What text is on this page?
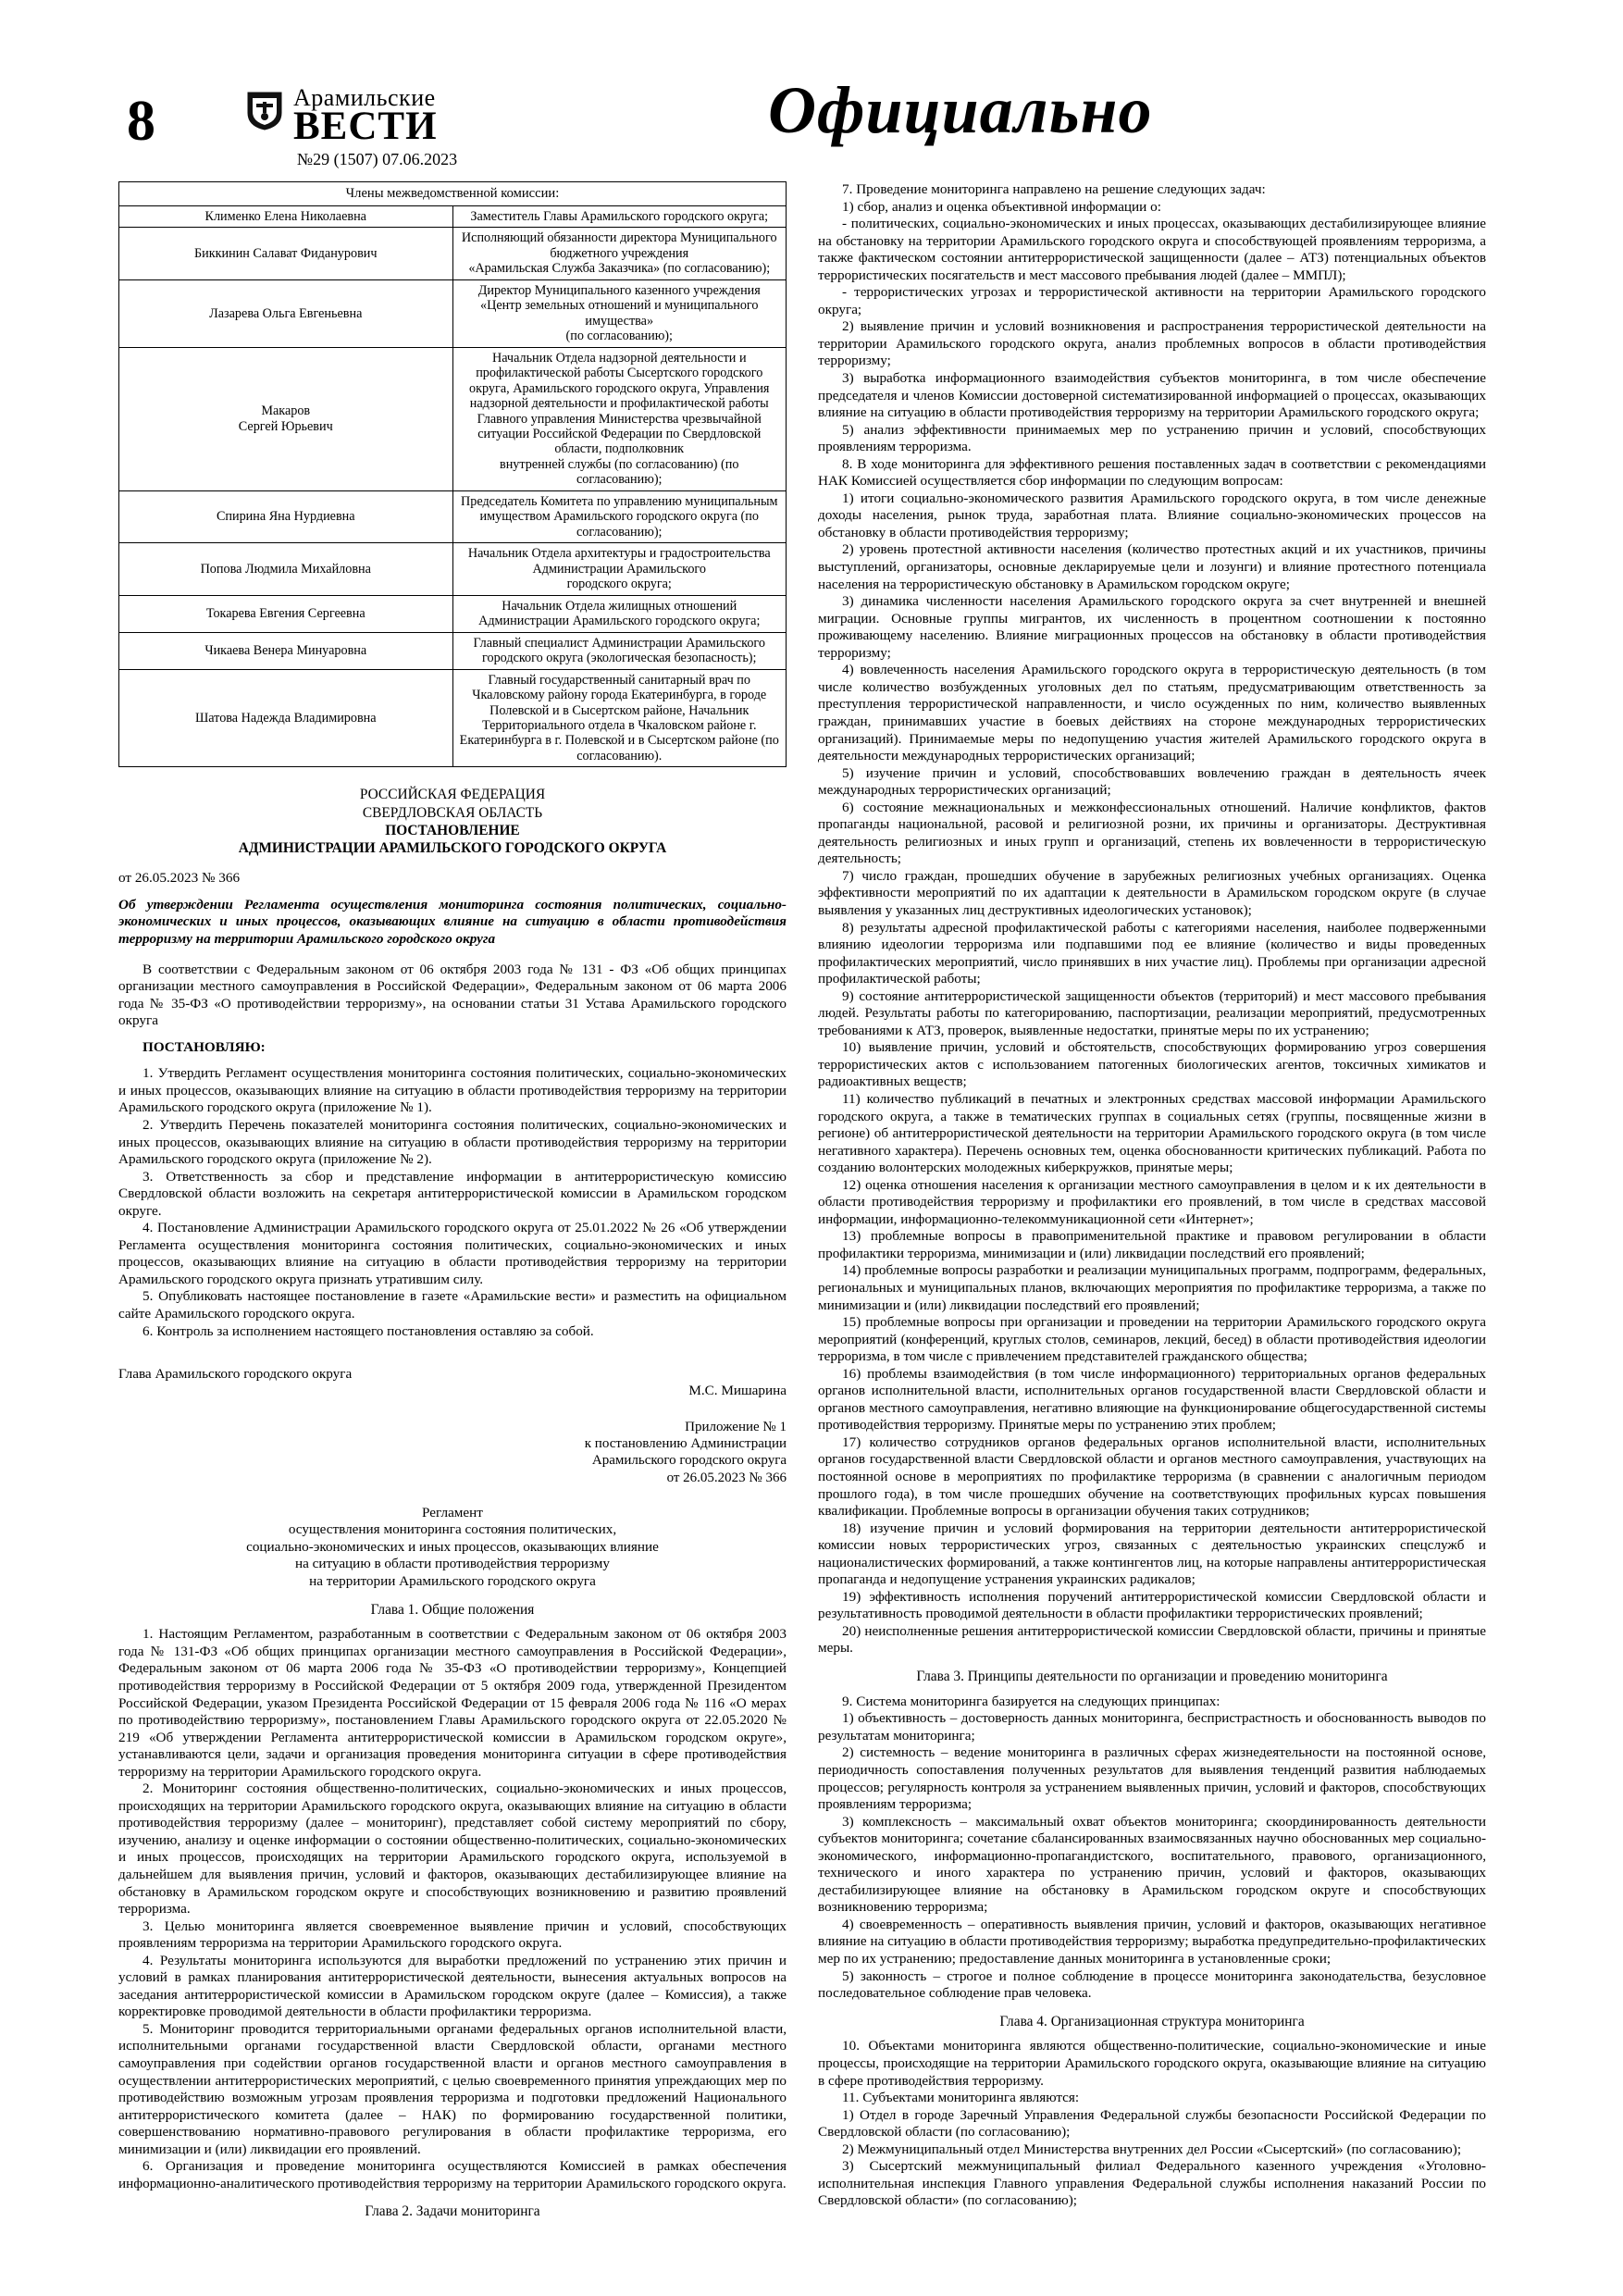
8	Арамильские
ВЕСТИ
№29 (1507) 07.06.2023
Официально
Члены межведомственной комиссии:	
Клименко Елена Николаевна	Заместитель Главы Арамильского городского округа;
Биккинин Салават Фиданурович	Исполняющий обязанности директора Муниципального бюджетного учреждения
«Арамильская Служба Заказчика» (по согласованию);
Лазарева Ольга Евгеньевна	Директор Муниципального казенного учреждения
«Центр земельных отношений и муниципального имущества»
(по согласованию);
Макаров
Сергей Юрьевич	Начальник Отдела надзорной деятельности и профилактической работы Сысертского городского округа, Арамильского городского округа, Управления надзорной деятельности и профилактической работы Главного управления Министерства чрезвычайной ситуации Российской Федерации по Свердловской области, подполковник
внутренней службы (по согласованию) (по согласованию);
Спирина Яна Нурдиевна	Председатель Комитета по управлению муниципальным имуществом Арамильского городского округа (по согласованию);
Попова Людмила Михайловна	Начальник Отдела архитектуры и градостроительства Администрации Арамильского
городского округа;
Токарева Евгения Сергеевна	Начальник Отдела жилищных отношений Администрации Арамильского городского округа;
Чикаева Венера Минуаровна	Главный специалист Администрации Арамильского городского округа (экологическая безопасность);
Шатова Надежда Владимировна	Главный государственный санитарный врач по Чкаловскому району города Екатеринбурга, в городе Полевской и в Сысертском районе, Начальник Территориального отдела в Чкаловском районе г. Екатеринбурга в г. Полевской и в Сысертском районе (по согласованию).

РОССИЙСКАЯ ФЕДЕРАЦИЯ

СВЕРДЛОВСКАЯ ОБЛАСТЬ

ПОСТАНОВЛЕНИЕ

АДМИНИСТРАЦИИ АРАМИЛЬСКОГО ГОРОДСКОГО ОКРУГА

от 26.05.2023 № 366

Об утверждении Регламента осуществления мониторинга состояния политических, социально-экономических и иных процессов, оказывающих влияние на ситуацию в области противодействия терроризму на территории Арамильского городского округа

В соответствии с Федеральным законом от 06 октября 2003 года № 131 - ФЗ «Об общих принципах организации местного самоуправления в Российской Федерации», Федеральным законом от 06 марта 2006 года № 35-ФЗ «О противодействии терроризму», на основании статьи 31 Устава Арамильского городского округа

ПОСТАНОВЛЯЮ:

1. Утвердить Регламент осуществления мониторинга состояния политических, социально-экономических и иных процессов, оказывающих влияние на ситуацию в области противодействия терроризму на территории Арамильского городского округа (приложение № 1).

2. Утвердить Перечень показателей мониторинга состояния политических, социально-экономических и иных процессов, оказывающих влияние на ситуацию в области противодействия терроризму на территории Арамильского городского округа (приложение № 2).

3. Ответственность за сбор и представление информации в антитеррористическую комиссию Свердловской области возложить на секретаря антитеррористической комиссии в Арамильском городском округе.

4. Постановление Администрации Арамильского городского округа от 25.01.2022 № 26 «Об утверждении Регламента осуществления мониторинга состояния политических, социально-экономических и иных процессов, оказывающих влияние на ситуацию в области противодействия терроризму на территории Арамильского городского округа признать утратившим силу.

5. Опубликовать настоящее постановление в газете «Арамильские вести» и разместить на официальном сайте Арамильского городского округа.

6. Контроль за исполнением настоящего постановления оставляю за собой.

Глава Арамильского городского округа

М.С. Мишарина

Приложение № 1

к постановлению Администрации

Арамильского городского округа

от 26.05.2023 № 366

Регламент

осуществления мониторинга состояния политических,

социально-экономических и иных процессов, оказывающих влияние

на ситуацию в области противодействия терроризму

на территории Арамильского городского округа

Глава 1. Общие положения

1. Настоящим Регламентом, разработанным в соответствии с Федеральным законом от 06 октября 2003 года № 131-ФЗ «Об общих принципах организации местного самоуправления в Российской Федерации», Федеральным законом от 06 марта 2006 года № 35-ФЗ «О противодействии терроризму», Концепцией противодействия терроризму в Российской Федерации от 5 октября 2009 года, утвержденной Президентом Российской Федерации, указом Президента Российской Федерации от 15 февраля 2006 года № 116 «О мерах по противодействию терроризму», постановлением Главы Арамильского городского округа от 22.05.2020 № 219 «Об утверждении Регламента антитеррористической комиссии в Арамильском городском округе», устанавливаются цели, задачи и организация проведения мониторинга ситуации в сфере противодействия терроризму на территории Арамильского городского округа.

2. Мониторинг состояния общественно-политических, социально-экономических и иных процессов, происходящих на территории Арамильского городского округа, оказывающих влияние на ситуацию в области противодействия терроризму (далее – мониторинг), представляет собой систему мероприятий по сбору, изучению, анализу и оценке информации о состоянии общественно-политических, социально-экономических и иных процессов, происходящих на территории Арамильского городского округа, используемой в дальнейшем для выявления причин, условий и факторов, оказывающих дестабилизирующее влияние на обстановку в Арамильском городском округе и способствующих возникновению и развитию проявлений терроризма.

3. Целью мониторинга является своевременное выявление причин и условий, способствующих проявлениям терроризма на территории Арамильского городского округа.

4. Результаты мониторинга используются для выработки предложений по устранению этих причин и условий в рамках планирования антитеррористической деятельности, вынесения актуальных вопросов на заседания антитеррористической комиссии в Арамильском городском округе (далее – Комиссия), а также корректировке проводимой деятельности в области профилактики терроризма.

5. Мониторинг проводится территориальными органами федеральных органов исполнительной власти, исполнительными органами государственной власти Свердловской области, органами местного самоуправления при содействии органов государственной власти и органов местного самоуправления в осуществлении антитеррористических мероприятий, с целью своевременного принятия упреждающих мер по противодействию возможным угрозам проявления терроризма и подготовки предложений Национального антитеррористического комитета (далее – НАК) по формированию государственной политики, совершенствованию нормативно-правового регулирования в области профилактике терроризма, его минимизации и (или) ликвидации его проявлений.

6. Организация и проведение мониторинга осуществляются Комиссией в рамках обеспечения информационно-аналитического противодействия терроризму на территории Арамильского городского округа.

Глава 2. Задачи мониторинга

7. Проведение мониторинга направлено на решение следующих задач:

1) сбор, анализ и оценка объективной информации о:

- политических, социально-экономических и иных процессах, оказывающих дестабилизирующее влияние на обстановку на территории Арамильского городского округа и способствующей проявлениям терроризма, а также фактическом состоянии антитеррористической защищенности (далее – АТЗ) потенциальных объектов террористических посягательств и мест массового пребывания людей (далее – ММПЛ);

- террористических угрозах и террористической активности на территории Арамильского городского округа;

2) выявление причин и условий возникновения и распространения террористической деятельности на территории Арамильского городского округа, анализ проблемных вопросов в области противодействия терроризму;

3) выработка информационного взаимодействия субъектов мониторинга, в том числе обеспечение председателя и членов Комиссии достоверной систематизированной информацией о процессах, оказывающих влияние на ситуацию в области противодействия терроризму на территории Арамильского городского округа;

5) анализ эффективности принимаемых мер по устранению причин и условий, способствующих проявлениям терроризма.

8. В ходе мониторинга для эффективного решения поставленных задач в соответствии с рекомендациями НАК Комиссией осуществляется сбор информации по следующим вопросам:

1) итоги социально-экономического развития Арамильского городского округа, в том числе денежные доходы населения, рынок труда, заработная плата. Влияние социально-экономических процессов на обстановку в области противодействия терроризму;

2) уровень протестной активности населения (количество протестных акций и их участников, причины выступлений, организаторы, основные декларируемые цели и лозунги) и влияние протестного потенциала населения на террористическую обстановку в Арамильском городском округе;

3) динамика численности населения Арамильского городского округа за счет внутренней и внешней миграции. Основные группы мигрантов, их численность в процентном соотношении к постоянно проживающему населению. Влияние миграционных процессов на обстановку в области противодействия терроризму;

4) вовлеченность населения Арамильского городского округа в террористическую деятельность (в том числе количество возбужденных уголовных дел по статьям, предусматривающим ответственность за преступления террористической направленности, и число осужденных по ним, количество выявленных граждан, принимавших участие в боевых действиях на стороне международных террористических организаций). Принимаемые меры по недопущению участия жителей Арамильского городского округа в деятельности международных террористических организаций;

5) изучение причин и условий, способствовавших вовлечению граждан в деятельность ячеек международных террористических организаций;

6) состояние межнациональных и межконфессиональных отношений. Наличие конфликтов, фактов пропаганды национальной, расовой и религиозной розни, их причины и организаторы. Деструктивная деятельность религиозных и иных групп и организаций, степень их вовлеченности в террористическую деятельность;

7) число граждан, прошедших обучение в зарубежных религиозных учебных организациях. Оценка эффективности мероприятий по их адаптации к деятельности в Арамильском городском округе (в случае выявления у указанных лиц деструктивных идеологических установок);

8) результаты адресной профилактической работы с категориями населения, наиболее подверженными влиянию идеологии терроризма или подпавшими под ее влияние (количество и виды проведенных профилактических мероприятий, число принявших в них участие лиц). Проблемы при организации адресной профилактической работы;

9) состояние антитеррористической защищенности объектов (территорий) и мест массового пребывания людей. Результаты работы по категорированию, паспортизации, реализации мероприятий, предусмотренных требованиями к АТЗ, проверок, выявленные недостатки, принятые меры по их устранению;

10) выявление причин, условий и обстоятельств, способствующих формированию угроз совершения террористических актов с использованием патогенных биологических агентов, токсичных химикатов и радиоактивных веществ;

11) количество публикаций в печатных и электронных средствах массовой информации Арамильского городского округа, а также в тематических группах в социальных сетях (группы, посвященные жизни в регионе) об антитеррористической деятельности на территории Арамильского городского округа (в том числе негативного характера). Перечень основных тем, оценка обоснованности критических публикаций. Работа по созданию волонтерских молодежных киберкружков, принятые меры;

12) оценка отношения населения к организации местного самоуправления в целом и к их деятельности в области противодействия терроризму и профилактики его проявлений, в том числе в средствах массовой информации, информационно-телекоммуникационной сети «Интернет»;

13) проблемные вопросы в правоприменительной практике и правовом регулировании в области профилактики терроризма, минимизации и (или) ликвидации последствий его проявлений;

14) проблемные вопросы разработки и реализации муниципальных программ, подпрограмм, федеральных, региональных и муниципальных планов, включающих мероприятия по профилактике терроризма, а также по минимизации и (или) ликвидации последствий его проявлений;

15) проблемные вопросы при организации и проведении на территории Арамильского городского округа мероприятий (конференций, круглых столов, семинаров, лекций, бесед) в области противодействия идеологии терроризма, в том числе с привлечением представителей гражданского общества;

16) проблемы взаимодействия (в том числе информационного) территориальных органов федеральных органов исполнительной власти, исполнительных органов государственной власти Свердловской области и органов местного самоуправления, негативно влияющие на функционирование общегосударственной системы противодействия терроризму. Принятые меры по устранению этих проблем;

17) количество сотрудников органов федеральных органов исполнительной власти, исполнительных органов государственной власти Свердловской области и органов местного самоуправления, участвующих на постоянной основе в мероприятиях по профилактике терроризма (в сравнении с аналогичным периодом прошлого года), в том числе прошедших обучение на соответствующих профильных курсах повышения квалификации. Проблемные вопросы в организации обучения таких сотрудников;

18) изучение причин и условий формирования на территории деятельности антитеррористической комиссии новых террористических угроз, связанных с деятельностью украинских спецслужб и националистических формирований, а также контингентов лиц, на которые направлены антитеррористическая пропаганда и недопущение устранения украинских радикалов;

19) эффективность исполнения поручений антитеррористической комиссии Свердловской области и результативность проводимой деятельности в области профилактики террористических проявлений;

20) неисполненные решения антитеррористической комиссии Свердловской области, причины и принятые меры.

Глава 3. Принципы деятельности по организации и проведению мониторинга

9. Система мониторинга базируется на следующих принципах:

1) объективность – достоверность данных мониторинга, беспристрастность и обоснованность выводов по результатам мониторинга;

2) системность – ведение мониторинга в различных сферах жизнедеятельности на постоянной основе, периодичность сопоставления полученных результатов для выявления тенденций развития наблюдаемых процессов; регулярность контроля за устранением выявленных причин, условий и факторов, способствующих проявлениям терроризма;

3) комплексность – максимальный охват объектов мониторинга; скоординированность деятельности субъектов мониторинга; сочетание сбалансированных взаимосвязанных научно обоснованных мер социально- экономического, информационно-пропагандистского, воспитательного, правового, организационного, технического и иного характера по устранению причин, условий и факторов, оказывающих дестабилизирующее влияние на обстановку в Арамильском городском округе и способствующих возникновению терроризма;

4) своевременность – оперативность выявления причин, условий и факторов, оказывающих негативное влияние на ситуацию в области противодействия терроризму; выработка предупредительно-профилактических мер по их устранению; предоставление данных мониторинга в установленные сроки;

5) законность – строгое и полное соблюдение в процессе мониторинга законодательства, безусловное последовательное соблюдение прав человека.

Глава 4. Организационная структура мониторинга

10. Объектами мониторинга являются общественно-политические, социально-экономические и иные процессы, происходящие на территории Арамильского городского округа, оказывающие влияние на ситуацию в сфере противодействия терроризму.

11. Субъектами мониторинга являются:

1) Отдел в городе Заречный Управления Федеральной службы безопасности Российской Федерации по Свердловской области (по согласованию);

2) Межмуниципальный отдел Министерства внутренних дел России «Сысертский» (по согласованию);

3) Сысертский межмуниципальный филиал Федерального казенного учреждения «Уголовно-исполнительная инспекция Главного управления Федеральной службы исполнения наказаний России по Свердловской области» (по согласованию);
